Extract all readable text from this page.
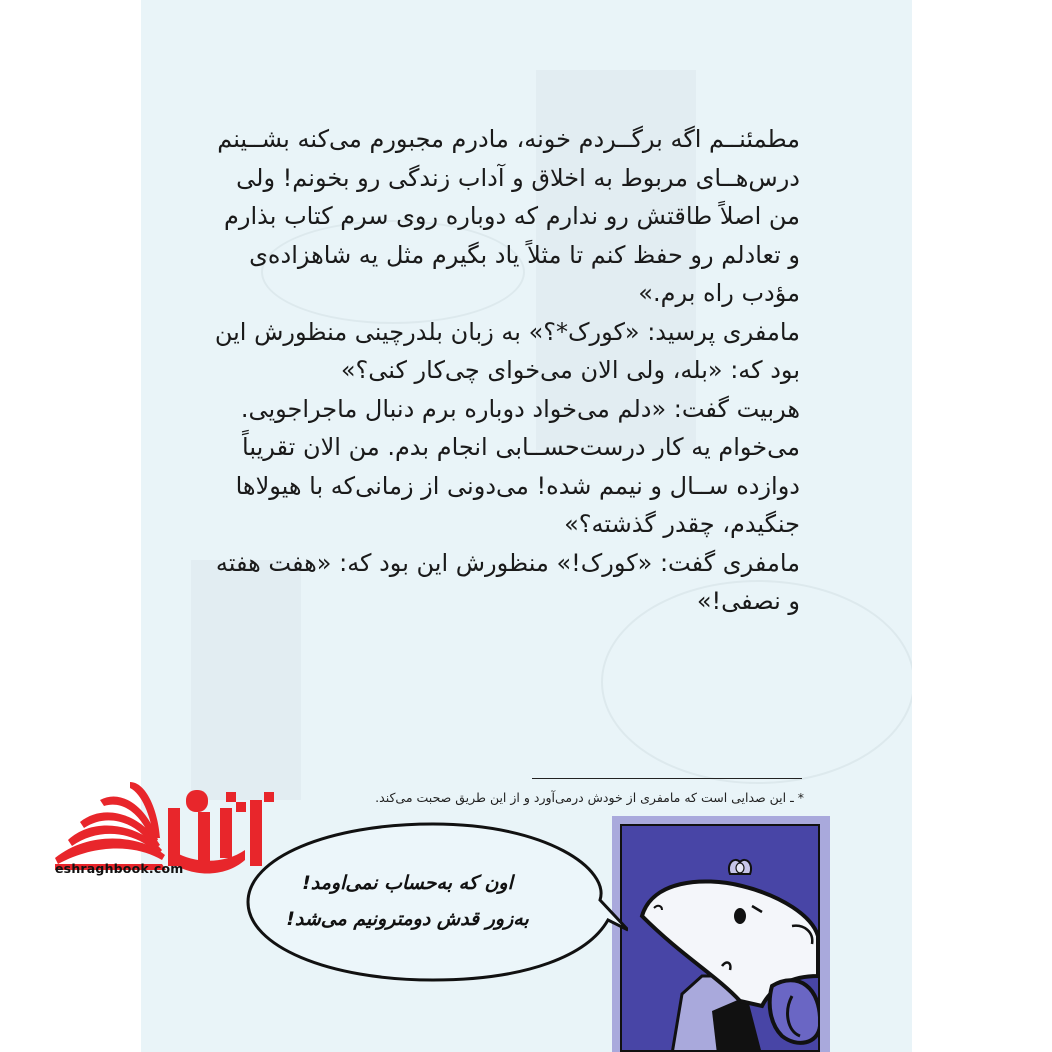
مطمئنــم اگه برگــردم خونه، مادرم مجبورم می‌کنه بشــینم
درس‌هــای مربوط به اخلاق و آداب زندگی رو بخونم! ولی
من اصلاً طاقتش رو ندارم که دوباره روی سرم کتاب بذارم
و تعادلم رو حفظ کنم تا مثلاً یاد بگیرم مثل یه شاهزاده‌ی
مؤدب راه برم.»
مامفری پرسید: «کورک*؟» به زبان بلدرچینی منظورش این
بود که: «بله، ولی الان می‌خوای چی‌کار کنی؟»
هربیت گفت: «دلم می‌خواد دوباره برم دنبال ماجراجویی.
می‌خوام یه کار درست‌حســابی انجام بدم. من الان تقریباً
دوازده ســال و نیمم شده! می‌دونی از زمانی‌که با هیولاها
جنگیدم، چقدر گذشته؟»
مامفری گفت: «کورک!» منظورش این بود که: «هفت هفته
و نصفی!»
* ـ این صدایی است که مامفری از خودش درمی‌آورد و از این طریق صحبت می‌کند.
اون که به‌حساب نمی‌اومد!
به‌زور قدش دومترونیم می‌شد!
eshraghbook.com
